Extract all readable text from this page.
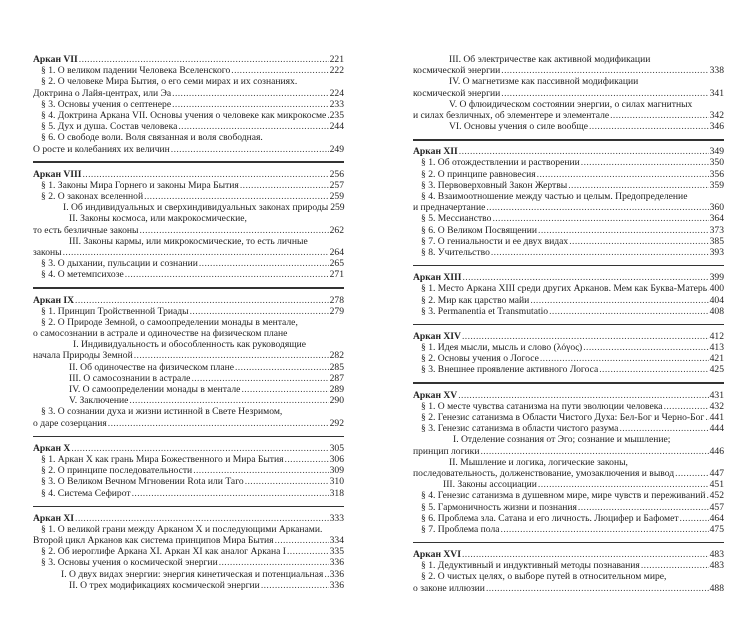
Аркан VII .....	221
§ 1. О великом падении Человека Вселенского .....	222
§ 2. О человеке Мира Бытия, о его семи мирах и их сознаниях.
Доктрина о Лайя-центрах, или Эа .....	224
§ 3. Основы учения о септенере .....	233
§ 4. Доктрина Аркана VII. Основы учения о человеке как микрокосме ..... 235
§ 5. Дух и душа. Состав человека .....	244
§ 6. О свободе воли. Воля связанная и воля свободная.
О росте и колебаниях их величин .....	249
Аркан VIII .....	256
§ 1. Законы Мира Горнего и законы Мира Бытия .....	257
§ 2. О законах вселенной .....	259
I. Об индивидуальных и сверхиндивидуальных законах природы 259
II. Законы космоса, или макрокосмические,
то есть безличные законы .....	262
III. Законы кармы, или микрокосмические, то есть личные
законы .....	264
§ 3. О дыхании, пульсации и сознании .....	265
§ 4. О метемпсихозе .....	271
Аркан IX .....	278
§ 1. Принцип Тройственной Триады .....	279
§ 2. О Природе Земной, о самоопределении монады в ментале,
о самосознании в астрале и одиночестве на физическом плане
I. Индивидуальность и обособленность как руководящие
начала Природы Земной .....	282
II. Об одиночестве на физическом плане .....	285
III. О самосознании в астрале .....	287
IV. О самоопределении монады в ментале .....	289
V. Заключение .....	290
§ 3. О сознании духа и жизни истинной в Свете Незримом,
о даре созерцания .....	292
Аркан X .....	305
§ 1. Аркан X как грань Мира Божественного и Мира Бытия .....	306
§ 2. О принципе последовательности .....	309
§ 3. О Великом Вечном Мгновении Rota или Таго .....	310
§ 4. Система Сефирот .....	318
Аркан XI .....	333
§ 1. О великой грани между Арканом X и последующими Арканами.
Второй цикл Арканов как система принципов Мира Бытия .....	334
§ 2. Об иероглифе Аркана XI. Аркан XI как аналог Аркана I .....	335
§ 3. Основы учения о космической энергии .....	336
I. О двух видах энергии: энергия кинетическая и потенциальная ..... 336
II. О трех модификациях космической энергии .....	336
III. Об электричестве как активной модификации
космической энергии .....	338
IV. О магнетизме как пассивной модификации
космической энергии .....	341
V. О флюидическом состоянии энергии, о силах магнитных
и силах безличных, об элементере и элементале .....	342
VI. Основы учения о силе вообще .....	346
Аркан XII .....	349
§ 1. Об отождествлении и растворении .....	350
§ 2. О принципе равновесия .....	356
§ 3. Первоверховный Закон Жертвы .....	359
§ 4. Взаимоотношение между частью и целым. Предопределение
и предначертание .....	360
§ 5. Мессианство .....	364
§ 6. О Великом Посвящении .....	373
§ 7. О гениальности и ее двух видах .....	385
§ 8. Учительство .....	393
Аркан XIII .....	399
§ 1. Место Аркана XIII среди других Арканов. Мем как Буква-Матерь ..... 400
§ 2. Мир как царство майи .....	404
§ 3. Permanentia et Transmutatio .....	408
Аркан XIV .....	412
§ 1. Идея мысли, мысль и слово (λόγος) .....	413
§ 2. Основы учения о Логосе .....	421
§ 3. Внешнее проявление активного Логоса .....	425
Аркан XV .....	431
§ 1. О месте чувства сатанизма на пути эволюции человека .....	432
§ 2. Генезис сатанизма в Области Чистого Духа: Бел-Бог и Черно-Бог ..... 441
§ 3. Генезис сатанизма в области чистого разума .....	444
I. Отделение сознания от Эго; сознание и мышление;
принцип логики .....	446
II. Мышление и логика, логические законы,
последовательность, долженствование, умозаключения и вывод .....	447
III. Законы ассоциации .....	451
§ 4. Генезис сатанизма в душевном мире, мире чувств и переживаний ..... 452
§ 5. Гармоничность жизни и познания .....	457
§ 6. Проблема зла. Сатана и его личность. Люцифер и Бафомет .....	464
§ 7. Проблема пола .....	475
Аркан XVI .....	483
§ 1. Дедуктивный и индуктивный методы познавания .....	483
§ 2. О чистых целях, о выборе путей в относительном мире,
о законе иллюзии .....	488
